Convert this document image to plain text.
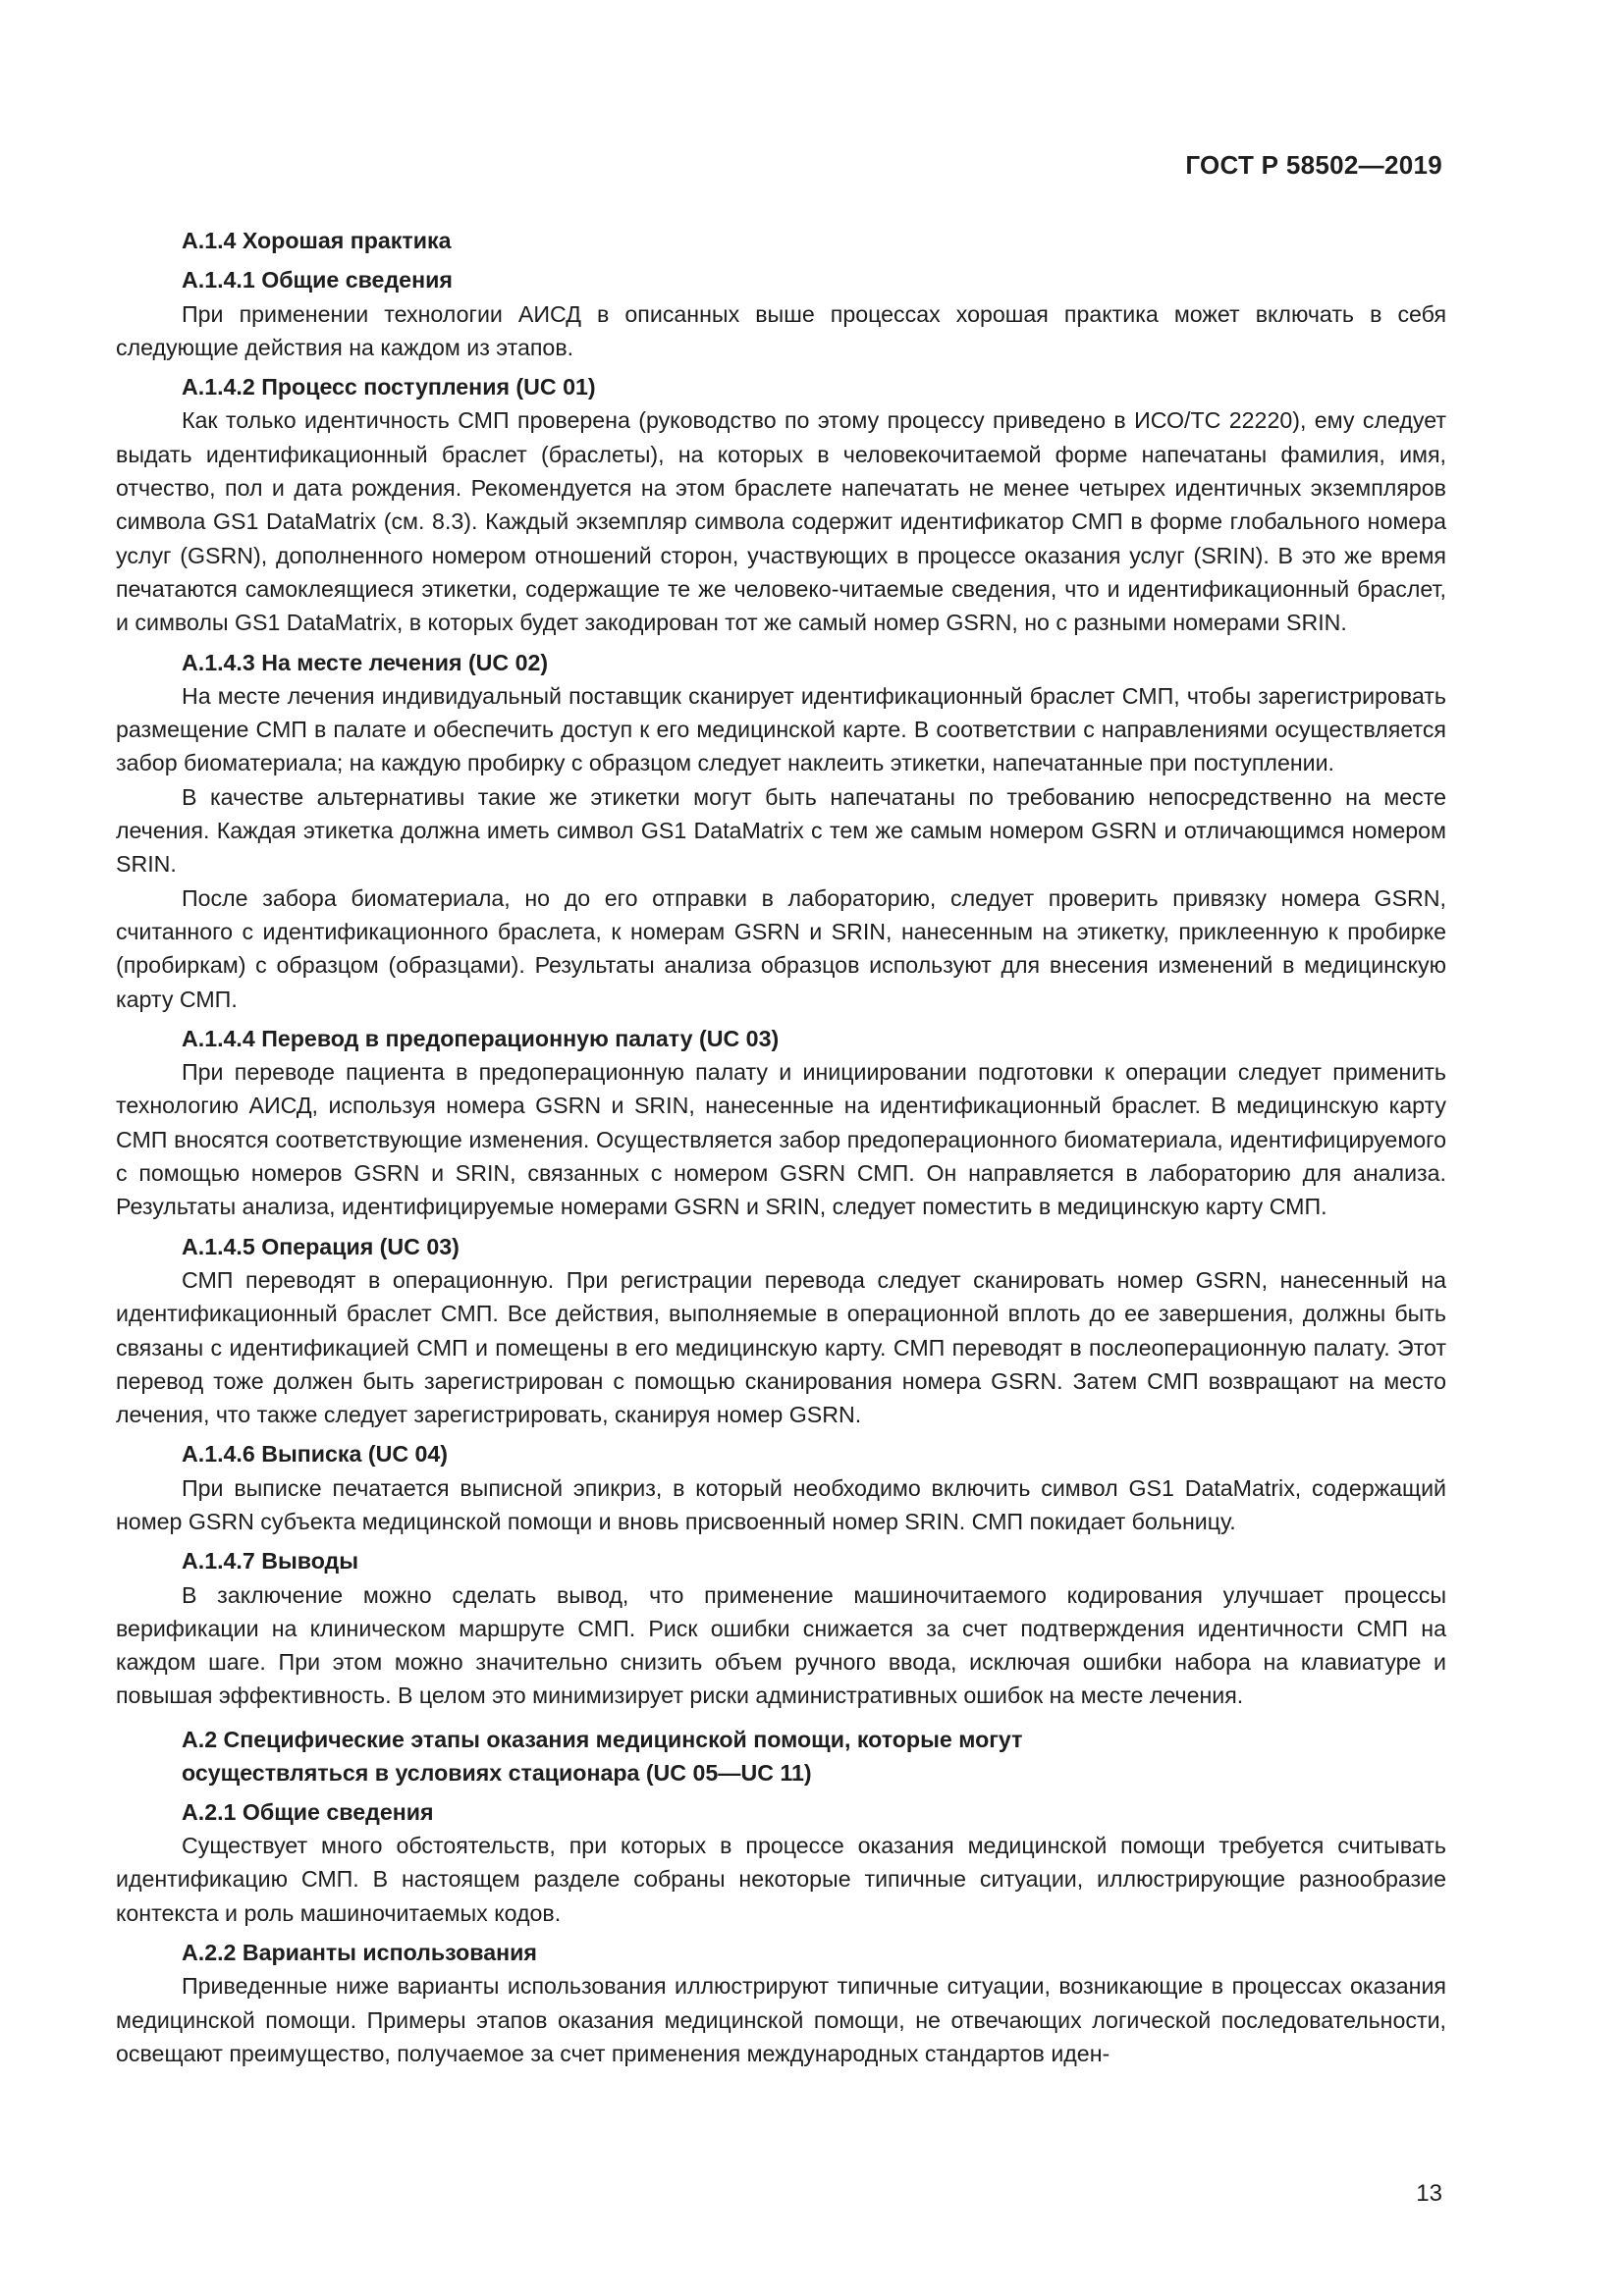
ГОСТ Р 58502—2019
А.1.4 Хорошая практика
А.1.4.1 Общие сведения

При применении технологии АИСД в описанных выше процессах хорошая практика может включать в себя следующие действия на каждом из этапов.

А.1.4.2 Процесс поступления (UC 01)

Как только идентичность СМП проверена (руководство по этому процессу приведено в ИСО/ТС 22220), ему следует выдать идентификационный браслет (браслеты), на которых в человекочитаемой форме напечатаны фамилия, имя, отчество, пол и дата рождения. Рекомендуется на этом браслете напечатать не менее четырех идентичных экземпляров символа GS1 DataMatrix (см. 8.3). Каждый экземпляр символа содержит идентификатор СМП в форме глобального номера услуг (GSRN), дополненного номером отношений сторон, участвующих в процессе оказания услуг (SRIN). В это же время печатаются самоклеящиеся этикетки, содержащие те же человеко-читаемые сведения, что и идентификационный браслет, и символы GS1 DataMatrix, в которых будет закодирован тот же самый номер GSRN, но с разными номерами SRIN.

А.1.4.3 На месте лечения (UC 02)

На месте лечения индивидуальный поставщик сканирует идентификационный браслет СМП, чтобы зарегистрировать размещение СМП в палате и обеспечить доступ к его медицинской карте. В соответствии с направлениями осуществляется забор биоматериала; на каждую пробирку с образцом следует наклеить этикетки, напечатанные при поступлении.

В качестве альтернативы такие же этикетки могут быть напечатаны по требованию непосредственно на месте лечения. Каждая этикетка должна иметь символ GS1 DataMatrix с тем же самым номером GSRN и отличающимся номером SRIN.

После забора биоматериала, но до его отправки в лабораторию, следует проверить привязку номера GSRN, считанного с идентификационного браслета, к номерам GSRN и SRIN, нанесенным на этикетку, приклеенную к пробирке (пробиркам) с образцом (образцами). Результаты анализа образцов используют для внесения изменений в медицинскую карту СМП.

А.1.4.4 Перевод в предоперационную палату (UC 03)

При переводе пациента в предоперационную палату и инициировании подготовки к операции следует применить технологию АИСД, используя номера GSRN и SRIN, нанесенные на идентификационный браслет. В медицинскую карту СМП вносятся соответствующие изменения. Осуществляется забор предоперационного биоматериала, идентифицируемого с помощью номеров GSRN и SRIN, связанных с номером GSRN СМП. Он направляется в лабораторию для анализа. Результаты анализа, идентифицируемые номерами GSRN и SRIN, следует поместить в медицинскую карту СМП.

А.1.4.5 Операция (UC 03)

СМП переводят в операционную. При регистрации перевода следует сканировать номер GSRN, нанесенный на идентификационный браслет СМП. Все действия, выполняемые в операционной вплоть до ее завершения, должны быть связаны с идентификацией СМП и помещены в его медицинскую карту. СМП переводят в послеоперационную палату. Этот перевод тоже должен быть зарегистрирован с помощью сканирования номера GSRN. Затем СМП возвращают на место лечения, что также следует зарегистрировать, сканируя номер GSRN.

А.1.4.6 Выписка (UC 04)

При выписке печатается выписной эпикриз, в который необходимо включить символ GS1 DataMatrix, содержащий номер GSRN субъекта медицинской помощи и вновь присвоенный номер SRIN. СМП покидает больницу.

А.1.4.7 Выводы

В заключение можно сделать вывод, что применение машиночитаемого кодирования улучшает процессы верификации на клиническом маршруте СМП. Риск ошибки снижается за счет подтверждения идентичности СМП на каждом шаге. При этом можно значительно снизить объем ручного ввода, исключая ошибки набора на клавиатуре и повышая эффективность. В целом это минимизирует риски административных ошибок на месте лечения.

А.2 Специфические этапы оказания медицинской помощи, которые могут осуществляться в условиях стационара (UC 05—UC 11)
А.2.1 Общие сведения

Существует много обстоятельств, при которых в процессе оказания медицинской помощи требуется считывать идентификацию СМП. В настоящем разделе собраны некоторые типичные ситуации, иллюстрирующие разнообразие контекста и роль машиночитаемых кодов.

А.2.2 Варианты использования

Приведенные ниже варианты использования иллюстрируют типичные ситуации, возникающие в процессах оказания медицинской помощи. Примеры этапов оказания медицинской помощи, не отвечающих логической последовательности, освещают преимущество, получаемое за счет применения международных стандартов иден-

13
